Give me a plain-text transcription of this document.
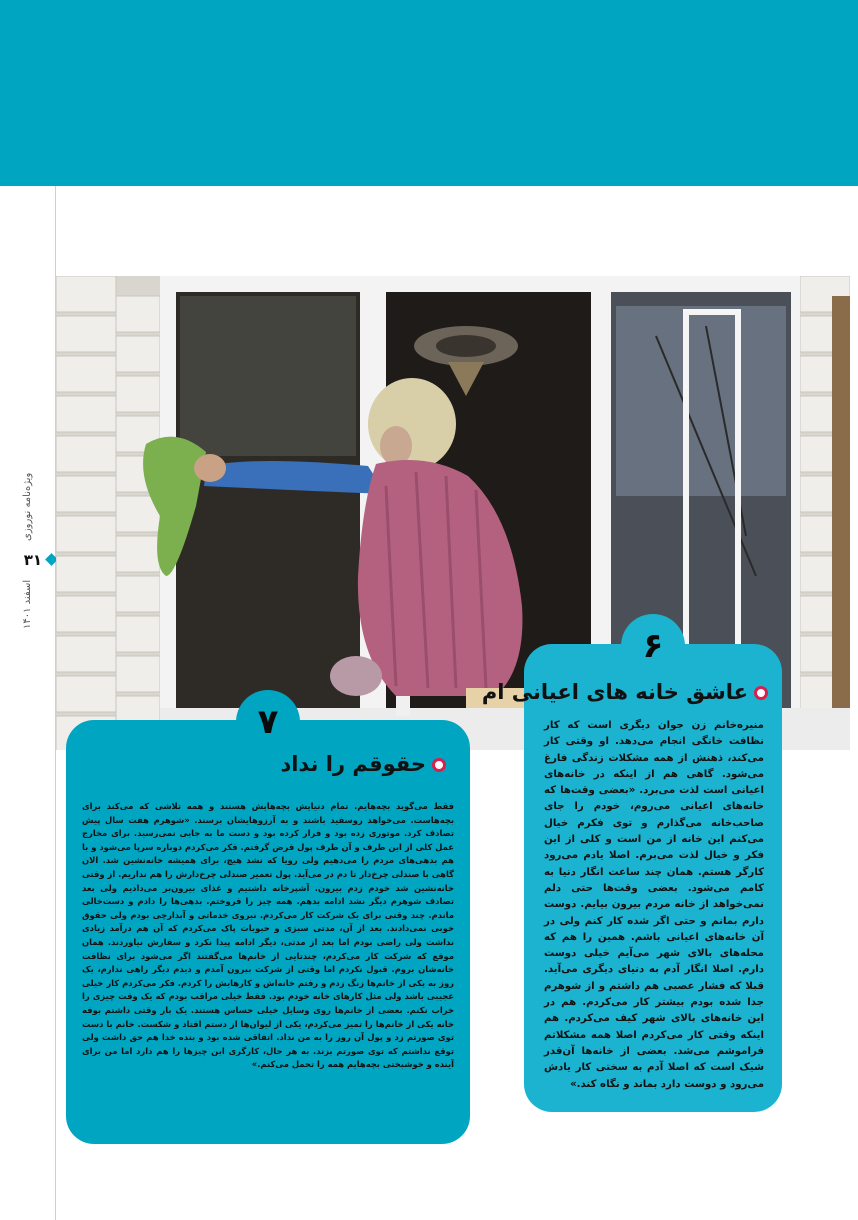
ویژه‌نامه نوروزی
۳۱
اسفند ۱۴۰۱
۶
عاشق خانه های اعیانی ام

منیره‌خانم زن جوان دیگری است که کار نظافت خانگی انجام می‌دهد. او وقتی کار می‌کند، ذهنش از همه مشکلات زندگی فارغ می‌شود. گاهی هم از اینکه در خانه‌های اعیانی است لذت می‌برد. «بعضی وقت‌ها که خانه‌های اعیانی می‌روم، خودم را جای صاحب‌خانه می‌گذارم و توی فکرم خیال می‌کنم این خانه از من است و کلی از این فکر و خیال لذت می‌برم. اصلا یادم می‌رود کارگر هستم. همان چند ساعت انگار دنیا به کامم می‌شود. بعضی وقت‌ها حتی دلم نمی‌خواهد از خانه مردم بیرون بیایم. دوست دارم بمانم و حتی اگر شده کار کنم ولی در آن خانه‌های اعیانی باشم. همین را هم که محله‌های بالای شهر می‌آیم خیلی دوست دارم. اصلا انگار آدم به دنیای دیگری می‌آید. قبلا که فشار عصبی هم داشتم و از شوهرم جدا شده بودم بیشتر کار می‌کردم. هم در این خانه‌های بالای شهر کیف می‌کردم. هم اینکه وقتی کار می‌کردم اصلا همه مشکلاتم فراموشم می‌شد. بعضی از خانه‌ها آن‌قدر شیک است که اصلا آدم به سختی کار یادش می‌رود و دوست دارد بماند و نگاه کند.»

۷
حقوقم را نداد

فقط می‌گوید بچه‌هایم. تمام دنیایش بچه‌هایش هستند و همه تلاشی که می‌کند برای بچه‌هاست. می‌خواهد روسفید باشند و به آرزوهایشان برسند. «شوهرم هفت سال پیش تصادف کرد. موتوری زده بود و فرار کرده بود و دست ما به جایی نمی‌رسید. برای مخارج عمل کلی از این طرف و آن طرف پول قرض گرفتم. فکر می‌کردم دوباره سرپا می‌شود و با هم بدهی‌های مردم را می‌دهیم ولی رویا که نشد هیچ، برای همیشه خانه‌نشین شد. الان گاهی با صندلی چرخ‌دار تا دم در می‌آید. پول تعمیر صندلی چرخ‌دارش را هم نداریم. از وقتی خانه‌نشین شد خودم زدم بیرون. آشپرخانه داشتیم و غذای بیرون‌بر می‌دادیم ولی بعد تصادف شوهرم دیگر نشد ادامه بدهم. همه چیز را فروختم. بدهی‌ها را دادم و دست‌خالی ماندم. چند وقتی برای یک شرکت کار می‌کردم. نیروی خدماتی و آبدارچی بودم ولی حقوق خوبی نمی‌دادند. بعد از آن، مدتی سبزی و حبوبات پاک می‌کردم که آن هم درآمد زیادی نداشت ولی راضی بودم اما بعد از مدتی، دیگر ادامه پیدا نکرد و سفارش نیاوردند. همان موقع که شرکت کار می‌کردم، چندتایی از خانم‌ها می‌گفتند اگر می‌شود برای نظافت خانه‌شان بروم. قبول نکردم اما وقتی از شرکت بیرون آمدم و دیدم دیگر راهی ندارم، یک روز به یکی از خانم‌ها زنگ زدم و رفتم خانه‌اش و کارهایش را کردم. فکر می‌کردم کار خیلی عجیبی باشد ولی مثل کارهای خانه خودم بود. فقط خیلی مراقب بودم که یک وقت چیزی را خراب نکنم. بعضی از خانم‌ها روی وسایل خیلی حساس هستند. یک بار وقتی داشتم بوفه خانه یکی از خانم‌ها را تمیز می‌کردم، یکی از لیوان‌ها از دستم افتاد و شکست. خانم با دست توی صورتم زد و پول آن روز را به من نداد. اتفاقی شده بود و بنده خدا هم حق داشت ولی توقع نداشتم که توی صورتم بزند. به هر حال، کارگری این چیزها را هم دارد اما من برای آینده و خوشبختی بچه‌هایم همه را تحمل می‌کنم.»
